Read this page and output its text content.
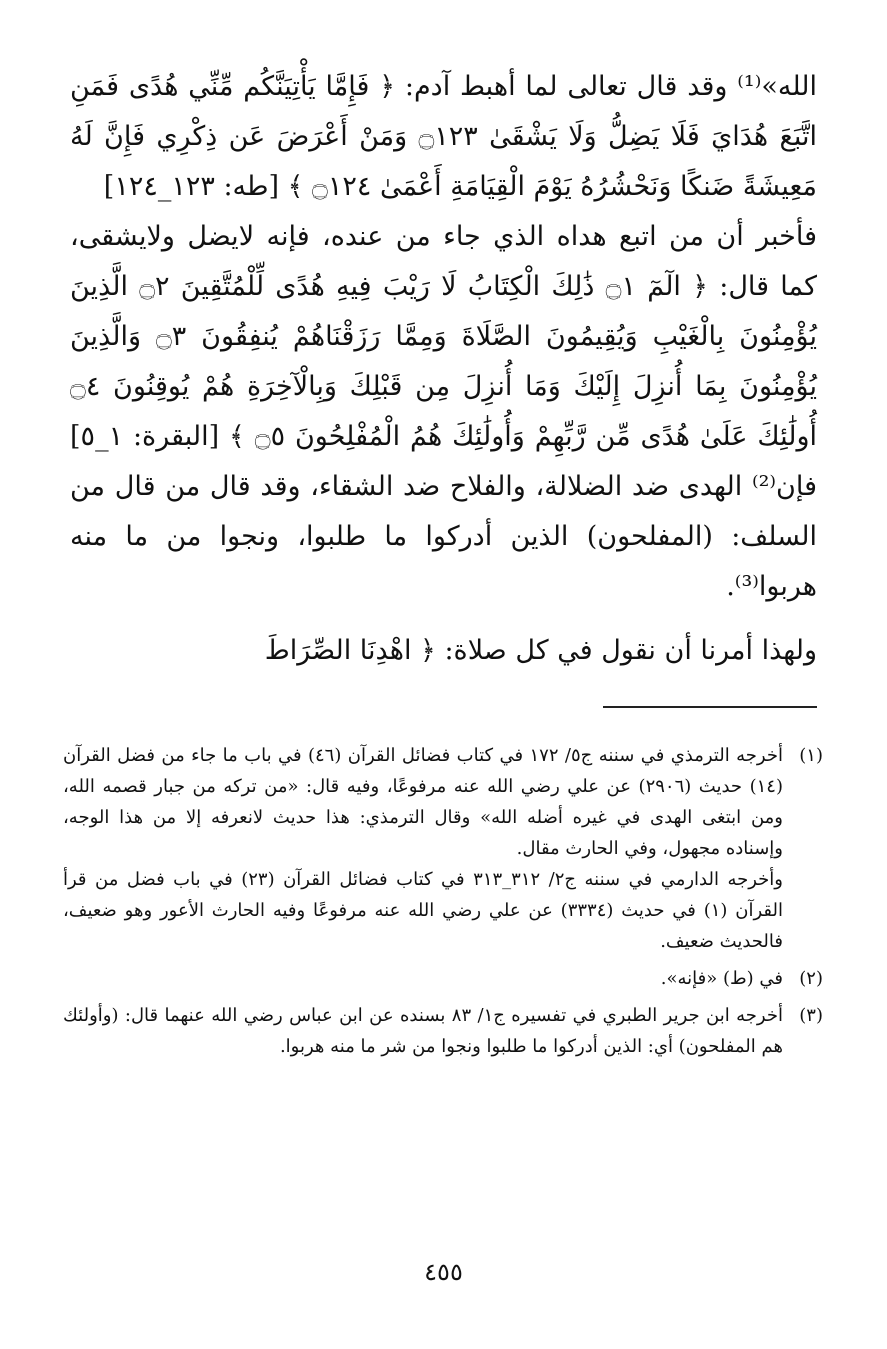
الله»⁽¹⁾ وقد قال تعالى لما أهبط آدم: ﴿ فَإِمَّا يَأْتِيَنَّكُم مِّنِّي هُدًى فَمَنِ اتَّبَعَ هُدَايَ فَلَا يَضِلُّ وَلَا يَشْقَىٰ ۝١٢٣ وَمَنْ أَعْرَضَ عَن ذِكْرِي فَإِنَّ لَهُ مَعِيشَةً ضَنكًا وَنَحْشُرُهُ يَوْمَ الْقِيَامَةِ أَعْمَىٰ ۝١٢٤ ﴾ [طه: ١٢٣_١٢٤]

فأخبر أن من اتبع هداه الذي جاء من عنده، فإنه لايضل ولايشقى، كما قال: ﴿ الٓمٓ ۝١ ذَٰلِكَ الْكِتَابُ لَا رَيْبَ فِيهِ هُدًى لِّلْمُتَّقِينَ ۝٢ الَّذِينَ يُؤْمِنُونَ بِالْغَيْبِ وَيُقِيمُونَ الصَّلَاةَ وَمِمَّا رَزَقْنَاهُمْ يُنفِقُونَ ۝٣ وَالَّذِينَ يُؤْمِنُونَ بِمَا أُنزِلَ إِلَيْكَ وَمَا أُنزِلَ مِن قَبْلِكَ وَبِالْآخِرَةِ هُمْ يُوقِنُونَ ۝٤ أُولَٰئِكَ عَلَىٰ هُدًى مِّن رَّبِّهِمْ وَأُولَٰئِكَ هُمُ الْمُفْلِحُونَ ۝٥ ﴾ [البقرة: ١_٥] فإن⁽²⁾ الهدى ضد الضلالة، والفلاح ضد الشقاء، وقد قال من قال من السلف: (المفلحون) الذين أدركوا ما طلبوا، ونجوا من ما منه هربوا⁽³⁾.

ولهذا أمرنا أن نقول في كل صلاة: ﴿ اهْدِنَا الصِّرَاطَ

(١)

أخرجه الترمذي في سننه ج٥/ ١٧٢ في كتاب فضائل القرآن (٤٦) في باب ما جاء من فضل القرآن (١٤) حديث (٢٩٠٦) عن علي رضي الله عنه مرفوعًا، وفيه قال: «من تركه من جبار قصمه الله، ومن ابتغى الهدى في غيره أضله الله» وقال الترمذي: هذا حديث لانعرفه إلا من هذا الوجه، وإسناده مجهول، وفي الحارث مقال.

وأخرجه الدارمي في سننه ج٢/ ٣١٢_٣١٣ في كتاب فضائل القرآن (٢٣) في باب فضل من قرأ القرآن (١) في حديث (٣٣٣٤) عن علي رضي الله عنه مرفوعًا وفيه الحارث الأعور وهو ضعيف، فالحديث ضعيف.

(٢)

في (ط) «فإنه».

(٣)

أخرجه ابن جرير الطبري في تفسيره ج١/ ٨٣ بسنده عن ابن عباس رضي الله عنهما قال: (وأولئك هم المفلحون) أي: الذين أدركوا ما طلبوا ونجوا من شر ما منه هربوا.

٤٥٥
